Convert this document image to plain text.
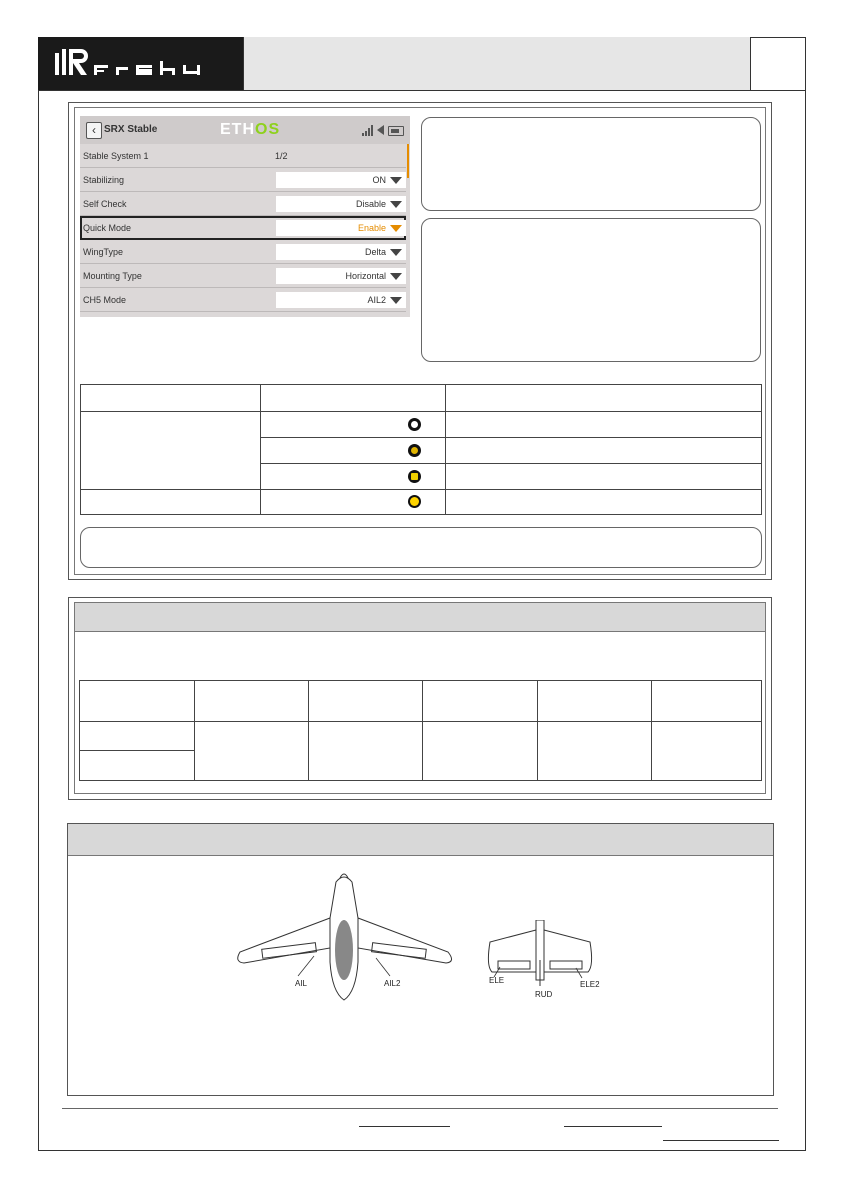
‹ SRX Stable	ETHOS
Stable System 1	1/2
Stabilizing	ON
Self Check	Disable
Quick Mode	Enable
WingType	Delta
Mounting Type	Horizontal
CH5 Mode	AIL2

AIL	AIL2	ELE
RUD
ELE2
